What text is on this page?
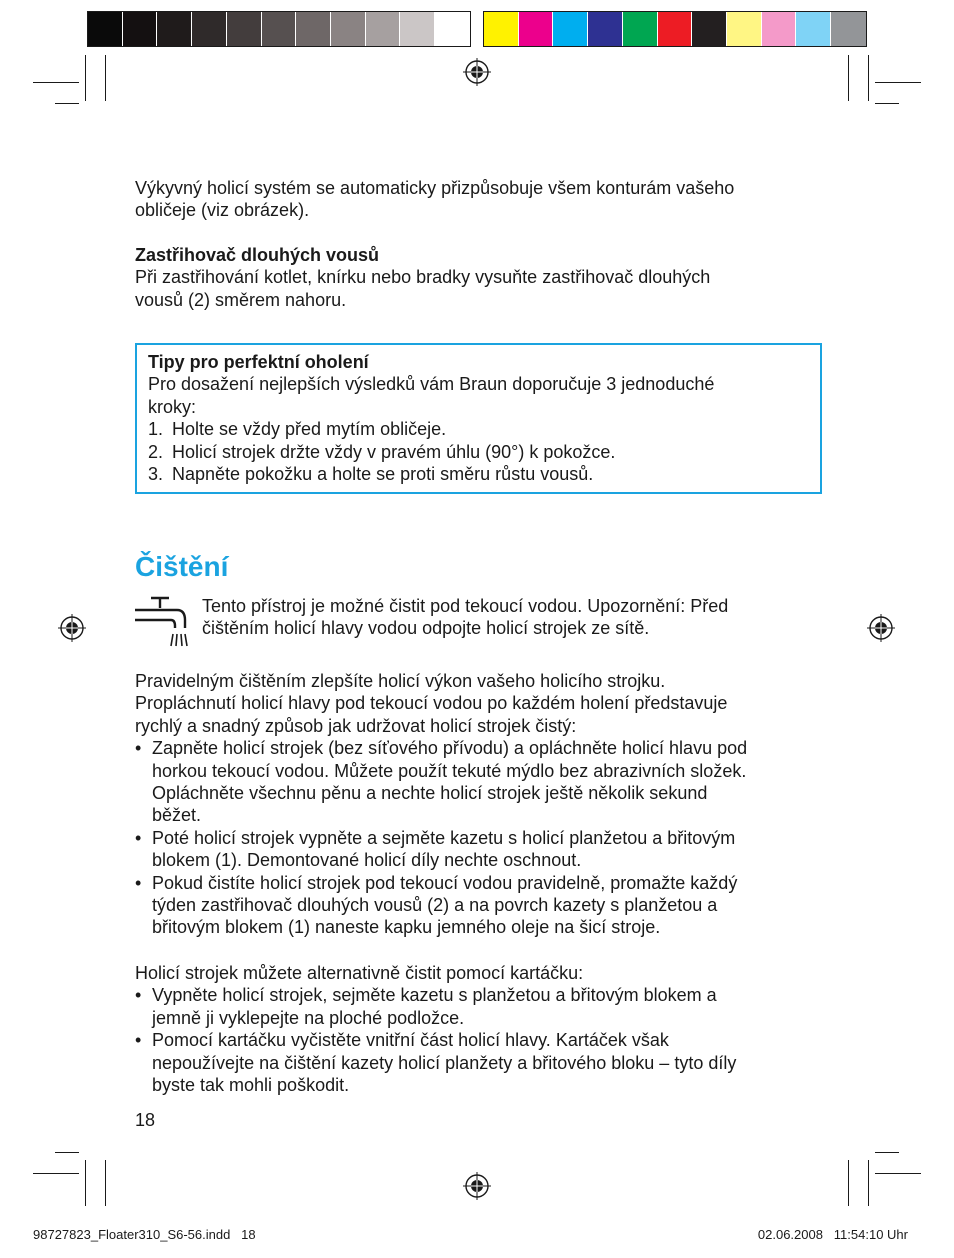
Výkyvný holicí systém se automaticky přizpůsobuje všem konturám vašeho
obličeje (viz obrázek).
Zastřihovač dlouhých vousů
Při zastřihování kotlet, knírku nebo bradky vysuňte zastřihovač dlouhých
vousů (2) směrem nahoru.
Tipy pro perfektní oholení
Pro dosažení nejlepších výsledků vám Braun doporučuje 3 jednoduché
kroky:
1. Holte se vždy před mytím obličeje.
2. Holicí strojek držte vždy v pravém úhlu (90°) k pokožce.
3. Napněte pokožku a holte se proti směru růstu vousů.
Čištění
Tento přístroj je možné čistit pod tekoucí vodou. Upozornění: Před
čištěním holicí hlavy vodou odpojte holicí strojek ze sítě.
Pravidelným čištěním zlepšíte holicí výkon vašeho holicího strojku.
Propláchnutí holicí hlavy pod tekoucí vodou po každém holení představuje
rychlý a snadný způsob jak udržovat holicí strojek čistý:
• Zapněte holicí strojek (bez síťového přívodu) a opláchněte holicí hlavu pod
horkou tekoucí vodou. Můžete použít tekuté mýdlo bez abrazivních složek.
Opláchněte všechnu pěnu a nechte holicí strojek ještě několik sekund
běžet.
• Poté holicí strojek vypněte a sejměte kazetu s holicí planžetou a břitovým
blokem (1). Demontované holicí díly nechte oschnout.
• Pokud čistíte holicí strojek pod tekoucí vodou pravidelně, promažte každý
týden zastřihovač dlouhých vousů (2) a na povrch kazety s planžetou a
břitovým blokem (1) naneste kapku jemného oleje na šicí stroje.
Holicí strojek můžete alternativně čistit pomocí kartáčku:
• Vypněte holicí strojek, sejměte kazetu s planžetou a břitovým blokem a
jemně ji vyklepejte na ploché podložce.
• Pomocí kartáčku vyčistěte vnitřní část holicí hlavy. Kartáček však
nepoužívejte na čištění kazety holicí planžety a břitového bloku – tyto díly
byste tak mohli poškodit.
18
98727823_Floater310_S6-56.indd   18	02.06.2008   11:54:10 Uhr
